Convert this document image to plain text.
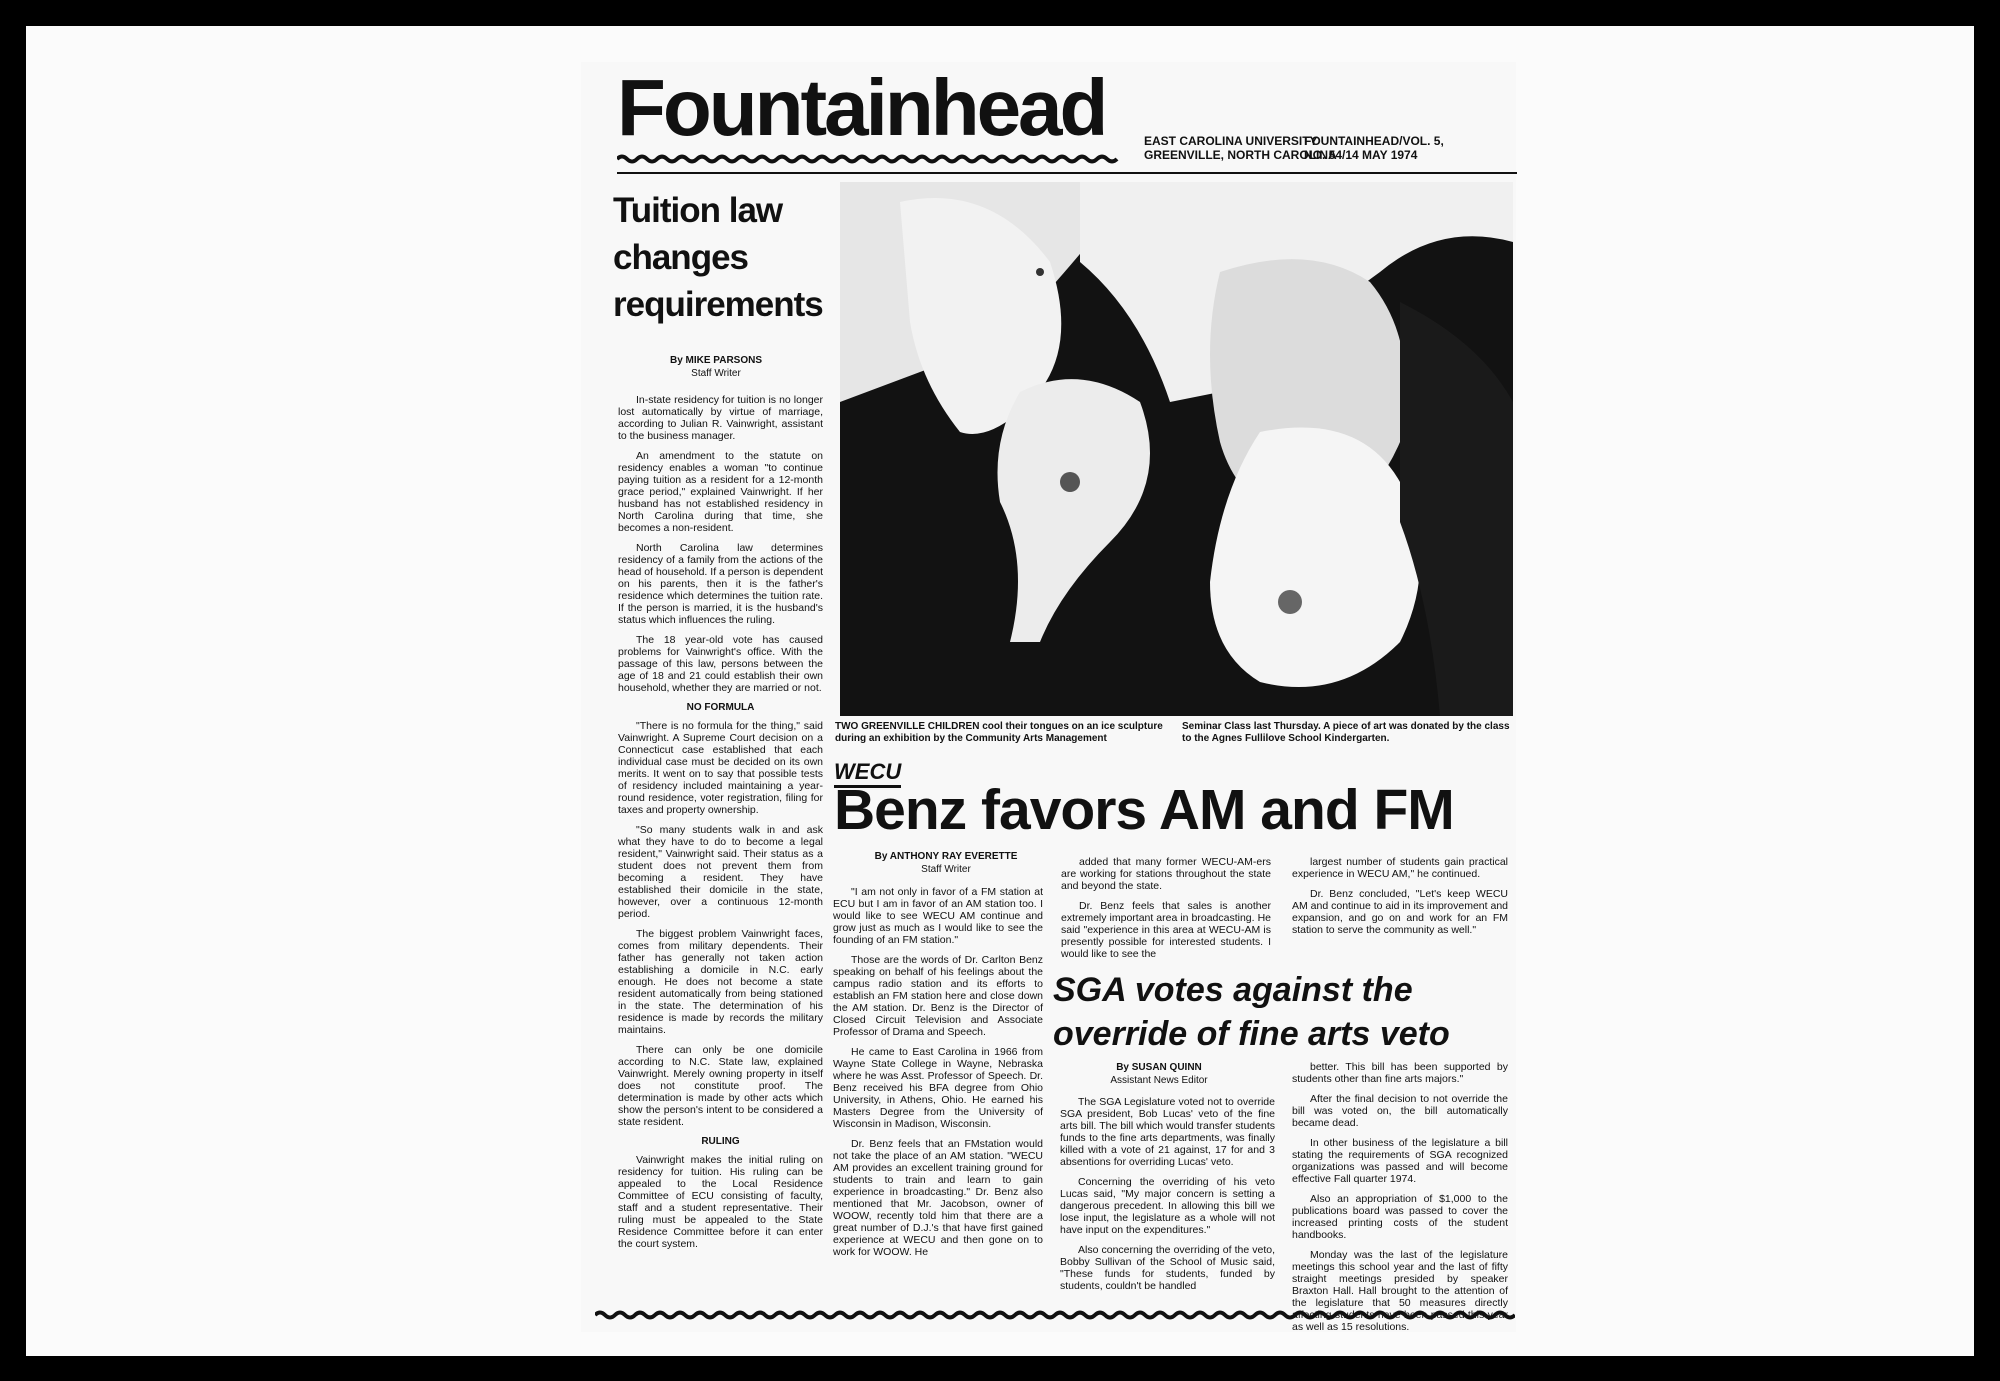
Fountainhead	EAST CAROLINA UNIVERSITY
GREENVILLE, NORTH CAROLINA
FOUNTAINHEAD/VOL. 5,
NO. 54/14 MAY 1974
Tuition law changes requirements
By MIKE PARSONS
Staff Writer

In-state residency for tuition is no longer lost automatically by virtue of marriage, according to Julian R. Vainwright, assistant to the business manager.

An amendment to the statute on residency enables a woman "to continue paying tuition as a resident for a 12-month grace period," explained Vainwright. If her husband has not established residency in North Carolina during that time, she becomes a non-resident.

North Carolina law determines residency of a family from the actions of the head of household. If a person is dependent on his parents, then it is the father's residence which determines the tuition rate. If the person is married, it is the husband's status which influences the ruling.

The 18 year-old vote has caused problems for Vainwright's office. With the passage of this law, persons between the age of 18 and 21 could establish their own household, whether they are married or not.

NO FORMULA

"There is no formula for the thing," said Vainwright. A Supreme Court decision on a Connecticut case established that each individual case must be decided on its own merits. It went on to say that possible tests of residency included maintaining a year-round residence, voter registration, filing for taxes and property ownership.

"So many students walk in and ask what they have to do to become a legal resident," Vainwright said. Their status as a student does not prevent them from becoming a resident. They have established their domicile in the state, however, over a continuous 12-month period.

The biggest problem Vainwright faces, comes from military dependents. Their father has generally not taken action establishing a domicile in N.C. early enough. He does not become a state resident automatically from being stationed in the state. The determination of his residence is made by records the military maintains.

There can only be one domicile according to N.C. State law, explained Vainwright. Merely owning property in itself does not constitute proof. The determination is made by other acts which show the person's intent to be considered a state resident.

RULING

Vainwright makes the initial ruling on residency for tuition. His ruling can be appealed to the Local Residence Committee of ECU consisting of faculty, staff and a student representative. Their ruling must be appealed to the State Residence Committee before it can enter the court system.

TWO GREENVILLE CHILDREN cool their tongues on an ice sculpture during an exhibition by the Community Arts Management
Seminar Class last Thursday. A piece of art was donated by the class to the Agnes Fullilove School Kindergarten.
WECU
Benz favors AM and FM
By ANTHONY RAY EVERETTE
Staff Writer

"I am not only in favor of a FM station at ECU but I am in favor of an AM station too. I would like to see WECU AM continue and grow just as much as I would like to see the founding of an FM station."

Those are the words of Dr. Carlton Benz speaking on behalf of his feelings about the campus radio station and its efforts to establish an FM station here and close down the AM station. Dr. Benz is the Director of Closed Circuit Television and Associate Professor of Drama and Speech.

He came to East Carolina in 1966 from Wayne State College in Wayne, Nebraska where he was Asst. Professor of Speech. Dr. Benz received his BFA degree from Ohio University, in Athens, Ohio. He earned his Masters Degree from the University of Wisconsin in Madison, Wisconsin.

Dr. Benz feels that an FMstation would not take the place of an AM station. "WECU AM provides an excellent training ground for students to train and learn to gain experience in broadcasting." Dr. Benz also mentioned that Mr. Jacobson, owner of WOOW, recently told him that there are a great number of D.J.'s that have first gained experience at WECU and then gone on to work for WOOW. He

added that many former WECU-AM-ers are working for stations throughout the state and beyond the state.

Dr. Benz feels that sales is another extremely important area in broadcasting. He said "experience in this area at WECU-AM is presently possible for interested students. I would like to see the

largest number of students gain practical experience in WECU AM," he continued.

Dr. Benz concluded, "Let's keep WECU AM and continue to aid in its improvement and expansion, and go on and work for an FM station to serve the community as well."

SGA votes against the override of fine arts veto
By SUSAN QUINN
Assistant News Editor

The SGA Legislature voted not to override SGA president, Bob Lucas' veto of the fine arts bill. The bill which would transfer students funds to the fine arts departments, was finally killed with a vote of 21 against, 17 for and 3 absentions for overriding Lucas' veto.

Concerning the overriding of his veto Lucas said, "My major concern is setting a dangerous precedent. In allowing this bill we lose input, the legislature as a whole will not have input on the expenditures."

Also concerning the overriding of the veto, Bobby Sullivan of the School of Music said, "These funds for students, funded by students, couldn't be handled

better. This bill has been supported by students other than fine arts majors."

After the final decision to not override the bill was voted on, the bill automatically became dead.

In other business of the legislature a bill stating the requirements of SGA recognized organizations was passed and will become effective Fall quarter 1974.

Also an appropriation of $1,000 to the publications board was passed to cover the increased printing costs of the student handbooks.

Monday was the last of the legislature meetings this school year and the last of fifty straight meetings presided by speaker Braxton Hall. Hall brought to the attention of the legislature that 50 measures directly affecting students have been passed this year as well as 15 resolutions.
